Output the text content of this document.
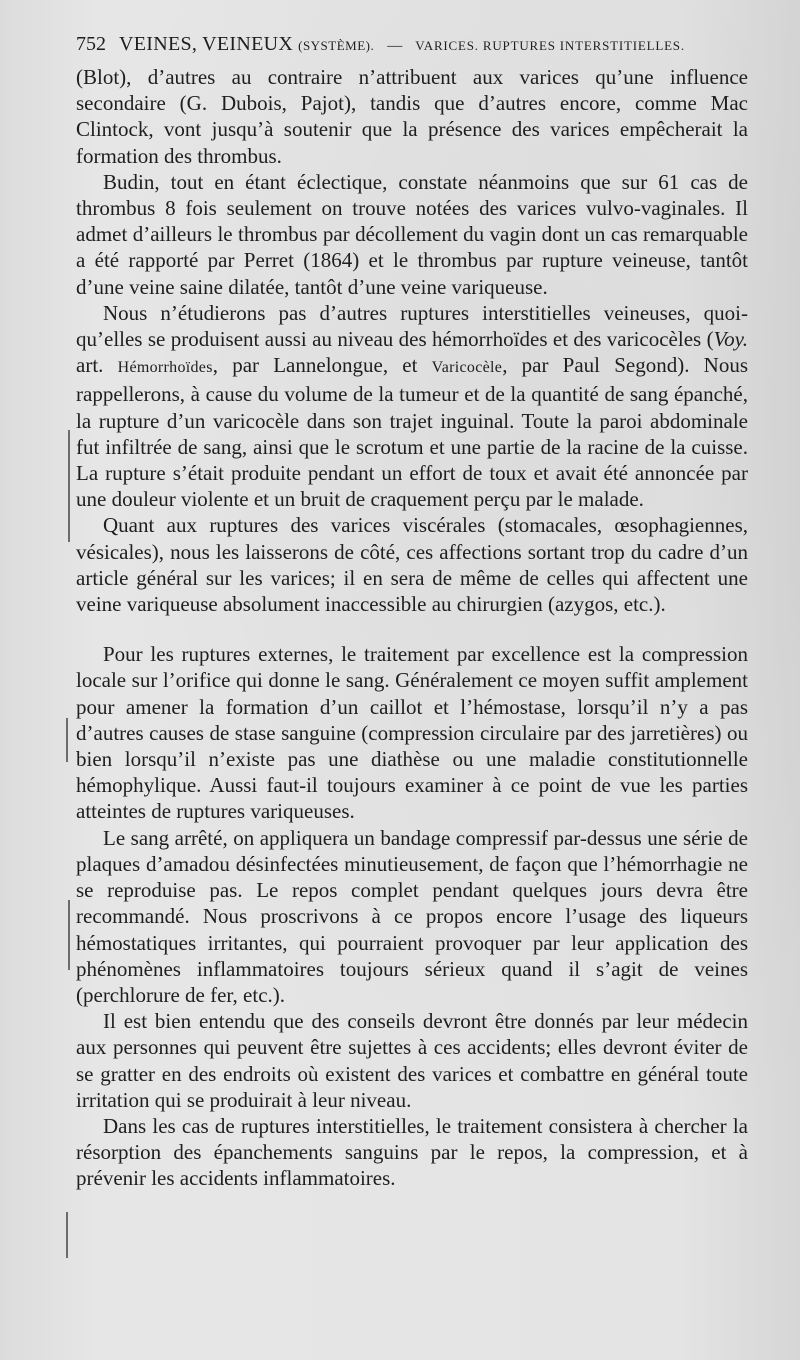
752 VEINES, VEINEUX (SYSTÈME). — VARICES. RUPTURES INTERSTITIELLES.

(Blot), d’autres au contraire n’attribuent aux varices qu’une influence secondaire (G. Dubois, Pajot), tandis que d’autres encore, comme Mac Clintock, vont jusqu’à soutenir que la présence des varices empêcherait la formation des thrombus.

Budin, tout en étant éclectique, constate néanmoins que sur 61 cas de thrombus 8 fois seulement on trouve notées des varices vulvo-vaginales. Il admet d’ailleurs le thrombus par décollement du vagin dont un cas remarquable a été rapporté par Perret (1864) et le thrombus par rupture veineuse, tantôt d’une veine saine dilatée, tantôt d’une veine variqueuse.

Nous n’étudierons pas d’autres ruptures interstitielles veineuses, quoiqu’elles se produisent aussi au niveau des hémorrhoïdes et des varicocèles (Voy. art. Hémorrhoïdes, par Lannelongue, et Varicocèle, par Paul Segond). Nous rappellerons, à cause du volume de la tumeur et de la quantité de sang épanché, la rupture d’un varicocèle dans son trajet inguinal. Toute la paroi abdominale fut infiltrée de sang, ainsi que le scrotum et une partie de la racine de la cuisse. La rupture s’était produite pendant un effort de toux et avait été annoncée par une douleur violente et un bruit de craquement perçu par le malade.

Quant aux ruptures des varices viscérales (stomacales, œsophagiennes, vésicales), nous les laisserons de côté, ces affections sortant trop du cadre d’un article général sur les varices; il en sera de même de celles qui affectent une veine variqueuse absolument inaccessible au chirurgien (azygos, etc.).

Pour les ruptures externes, le traitement par excellence est la compression locale sur l’orifice qui donne le sang. Généralement ce moyen suffit amplement pour amener la formation d’un caillot et l’hémostase, lorsqu’il n’y a pas d’autres causes de stase sanguine (compression circulaire par des jarretières) ou bien lorsqu’il n’existe pas une diathèse ou une maladie constitutionnelle hémophylique. Aussi faut-il toujours examiner à ce point de vue les parties atteintes de ruptures variqueuses.

Le sang arrêté, on appliquera un bandage compressif par-dessus une série de plaques d’amadou désinfectées minutieusement, de façon que l’hémorrhagie ne se reproduise pas. Le repos complet pendant quelques jours devra être recommandé. Nous proscrivons à ce propos encore l’usage des liqueurs hémostatiques irritantes, qui pourraient provoquer par leur application des phénomènes inflammatoires toujours sérieux quand il s’agit de veines (perchlorure de fer, etc.).

Il est bien entendu que des conseils devront être donnés par leur médecin aux personnes qui peuvent être sujettes à ces accidents; elles devront éviter de se gratter en des endroits où existent des varices et combattre en général toute irritation qui se produirait à leur niveau.

Dans les cas de ruptures interstitielles, le traitement consistera à chercher la résorption des épanchements sanguins par le repos, la compression, et à prévenir les accidents inflammatoires.
